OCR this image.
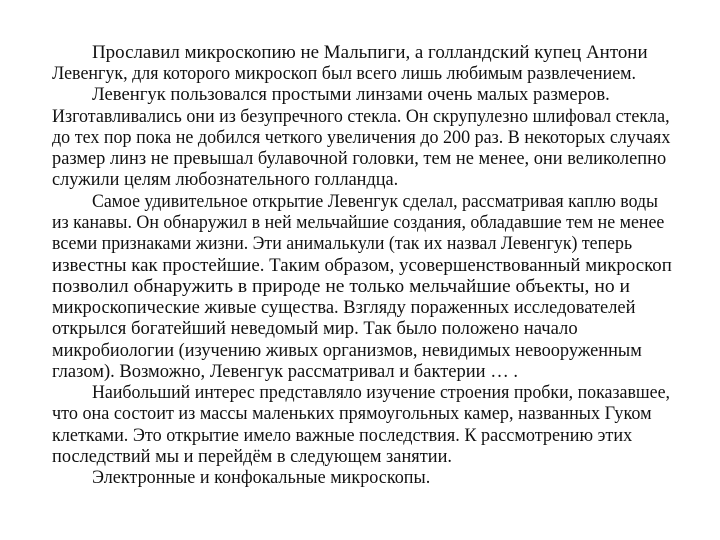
Прославил микроскопию не Мальпиги, а голландский купец Антони
Левенгук, для которого микроскоп был всего лишь любимым развлечением.
Левенгук пользовался простыми линзами очень малых размеров.
Изготавливались они из безупречного стекла. Он скрупулезно шлифовал стекла,
до тех пор пока не добился четкого увеличения до 200 раз. В некоторых случаях
размер линз не превышал булавочной головки, тем не менее, они великолепно
служили целям любознательного голландца.
Самое удивительное открытие Левенгук сделал, рассматривая каплю воды
из канавы. Он обнаружил в ней мельчайшие создания, обладавшие тем не менее
всеми признаками жизни. Эти анималькули (так их назвал Левенгук) теперь
известны как простейшие. Таким образом, усовершенствованный микроскоп
позволил обнаружить в природе не только мельчайшие объекты, но и
микроскопические живые существа. Взгляду пораженных исследователей
открылся богатейший неведомый мир. Так было положено начало
микробиологии (изучению живых организмов, невидимых невооруженным
глазом). Возможно, Левенгук рассматривал и бактерии … .
Наибольший интерес представляло изучение строения пробки, показавшее,
что она состоит из массы маленьких прямоугольных камер, названных Гуком
клетками. Это открытие имело важные последствия. К рассмотрению этих
последствий мы и перейдём в следующем занятии.
Электронные и конфокальные микроскопы.
